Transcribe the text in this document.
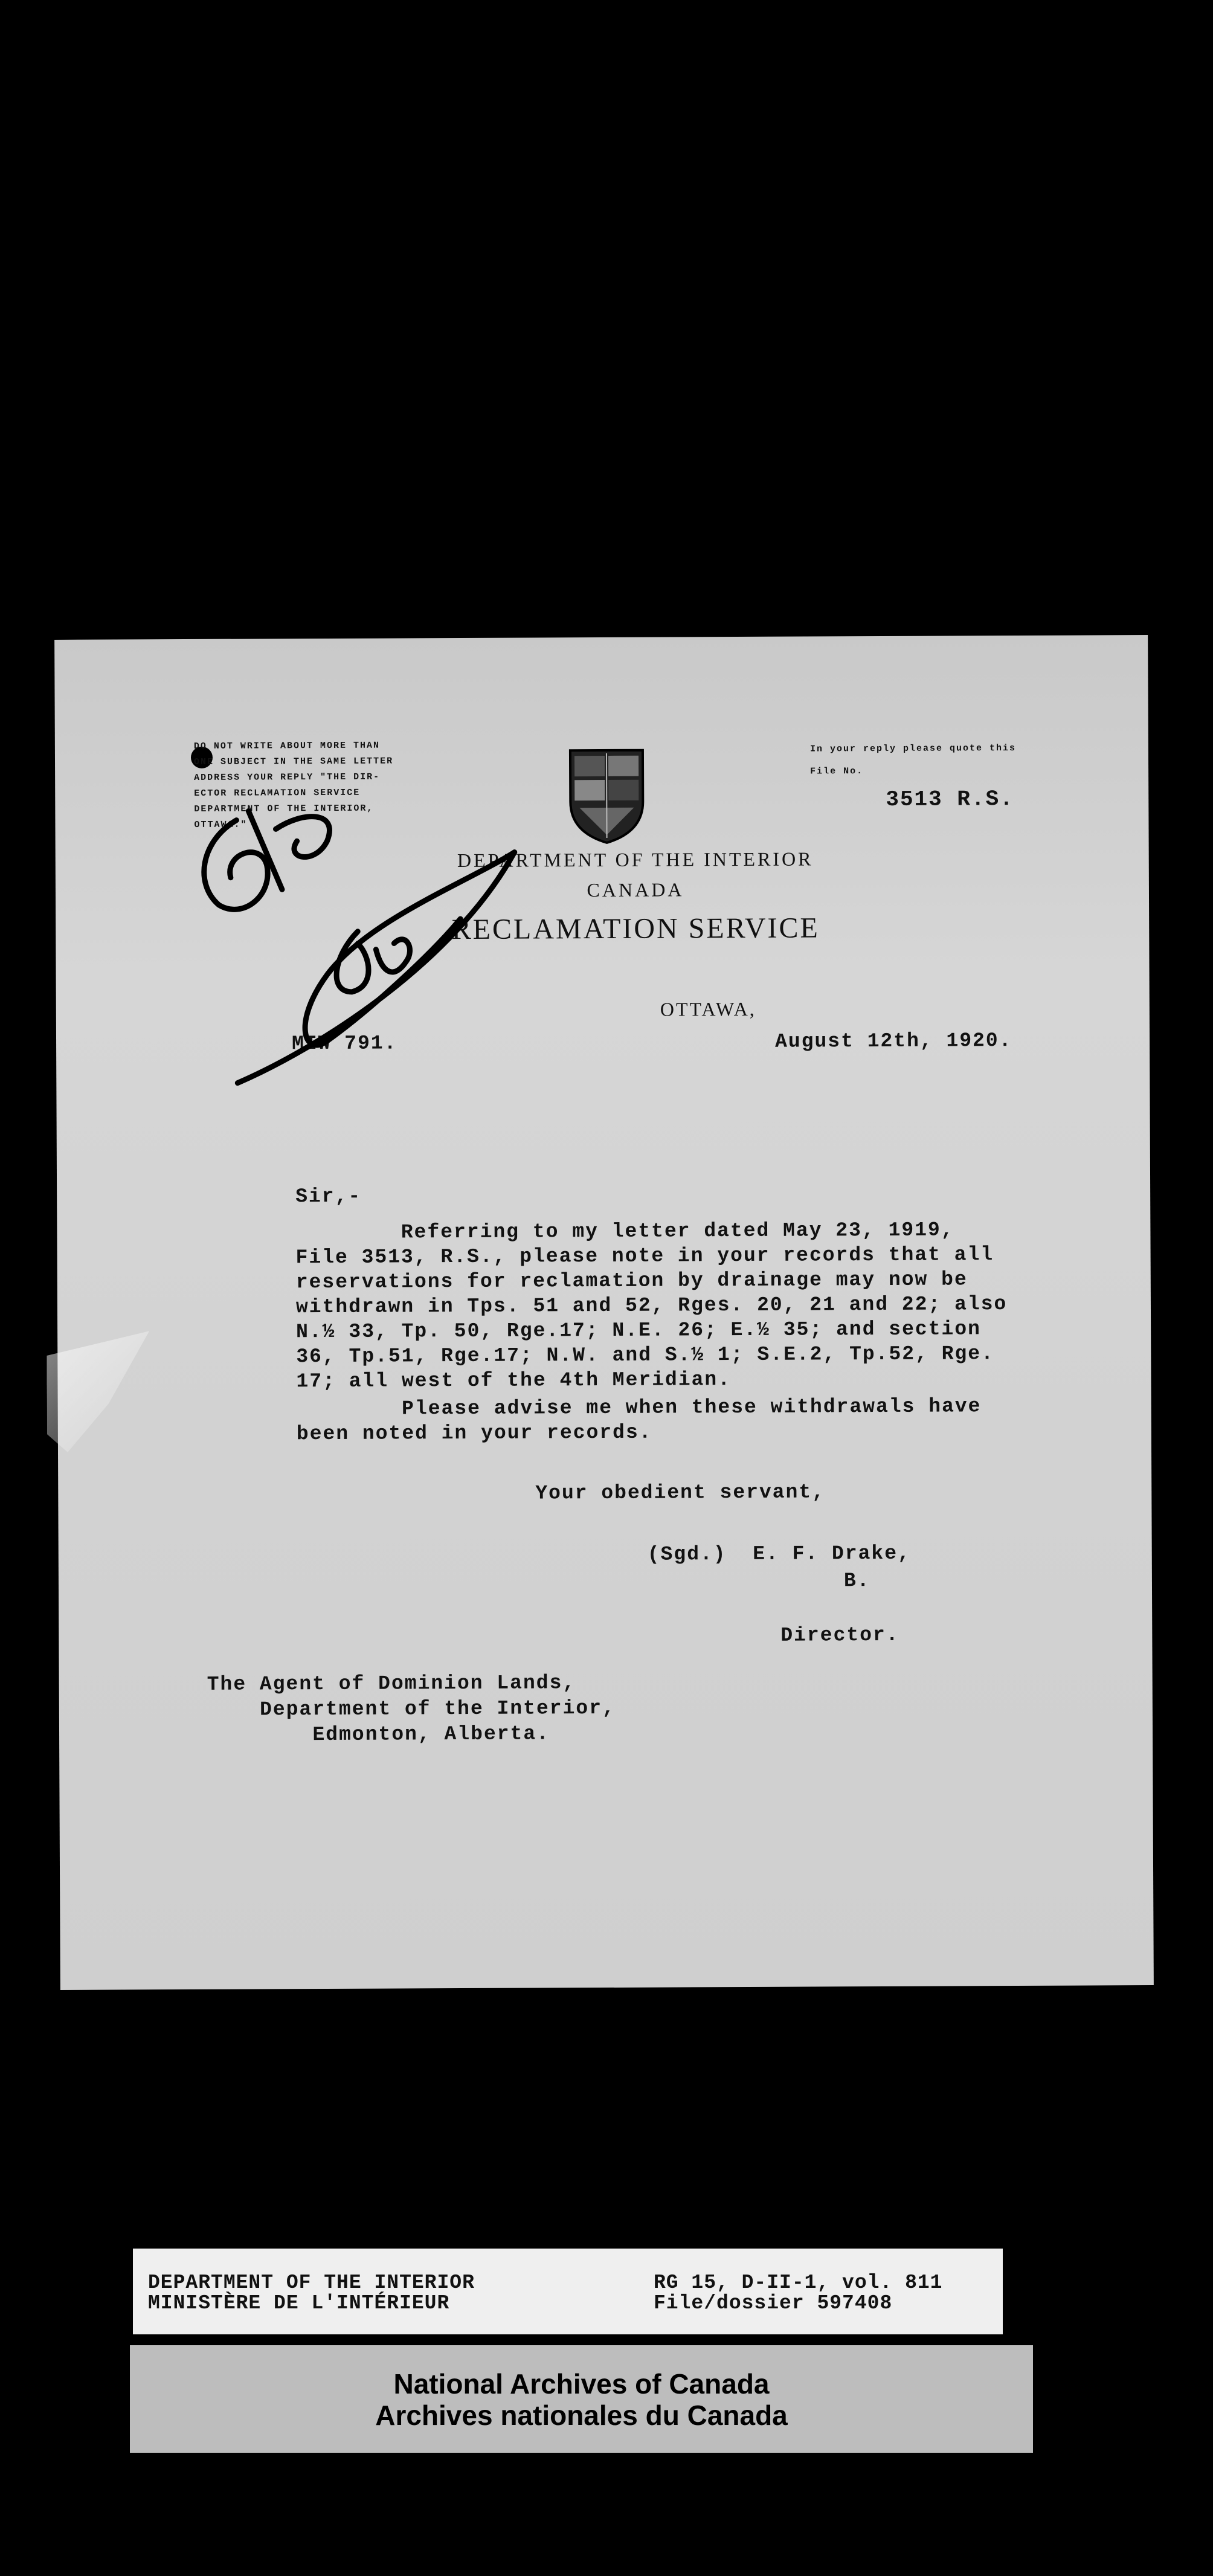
DO NOT WRITE ABOUT MORE THAN
ONE SUBJECT IN THE SAME LETTER
ADDRESS YOUR REPLY "THE DIR-
ECTOR RECLAMATION SERVICE
DEPARTMENT OF THE INTERIOR,
OTTAWA."
In your reply please quote this
File No.
3513 R.S.
DEPARTMENT OF THE INTERIOR
CANADA
RECLAMATION SERVICE
OTTAWA,
MIW 791.	August 12th, 1920.
Sir,-
Referring to my letter dated May 23, 1919,
File 3513, R.S., please note in your records that all
reservations for reclamation by drainage may now be
withdrawn in Tps. 51 and 52, Rges. 20, 21 and 22; also
N.½ 33, Tp. 50, Rge.17; N.E. 26; E.½ 35; and section
36, Tp.51, Rge.17; N.W. and S.½ 1; S.E.2, Tp.52, Rge.
17; all west of the 4th Meridian.
Please advise me when these withdrawals have
been noted in your records.
Your obedient servant,
(Sgd.)  E. F. Drake,
B.
Director.
The Agent of Dominion Lands,
Department of the Interior,
Edmonton, Alberta.
DEPARTMENT OF THE INTERIOR
MINISTÈRE DE L'INTÉRIEUR
RG 15, D-II-1, vol. 811
File/dossier 597408
National Archives of Canada
Archives nationales du Canada
